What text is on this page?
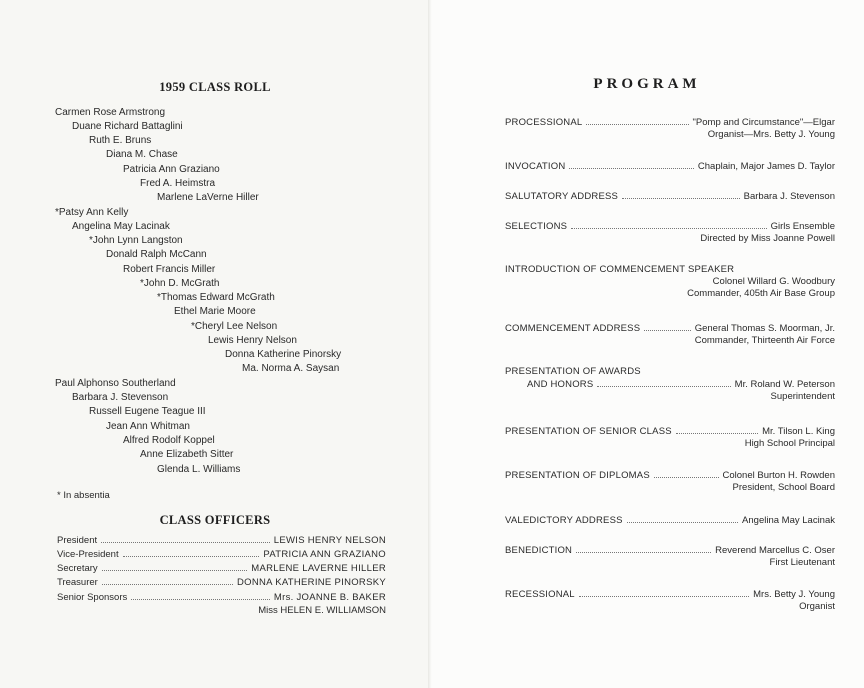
1959 CLASS ROLL
Carmen Rose Armstrong
Duane Richard Battaglini
Ruth E. Bruns
Diana M. Chase
Patricia Ann Graziano
Fred A. Heimstra
Marlene LaVerne Hiller
*Patsy Ann Kelly
Angelina May Lacinak
*John Lynn Langston
Donald Ralph McCann
Robert Francis Miller
*John D. McGrath
*Thomas Edward McGrath
Ethel Marie Moore
*Cheryl Lee Nelson
Lewis Henry Nelson
Donna Katherine Pinorsky
Ma. Norma A. Saysan
Paul Alphonso Southerland
Barbara J. Stevenson
Russell Eugene Teague III
Jean Ann Whitman
Alfred Rodolf Koppel
Anne Elizabeth Sitter
Glenda L. Williams
* In absentia
CLASS OFFICERS
President	LEWIS HENRY NELSON
Vice-President	PATRICIA ANN GRAZIANO
Secretary	MARLENE LAVERNE HILLER
Treasurer	DONNA KATHERINE PINORSKY
Senior Sponsors	Mrs. JOANNE B. BAKER
Miss HELEN E. WILLIAMSON
PROGRAM
PROCESSIONAL	"Pomp and Circumstance"—Elgar
Organist—Mrs. Betty J. Young
INVOCATION	Chaplain, Major James D. Taylor
SALUTATORY ADDRESS	Barbara J. Stevenson
SELECTIONS	Girls Ensemble
Directed by Miss Joanne Powell
INTRODUCTION OF COMMENCEMENT SPEAKER
Colonel Willard G. Woodbury
Commander, 405th Air Base Group
COMMENCEMENT ADDRESS	General Thomas S. Moorman, Jr.
Commander, Thirteenth Air Force
PRESENTATION OF AWARDS
AND HONORS	Mr. Roland W. Peterson
Superintendent
PRESENTATION OF SENIOR CLASS	Mr. Tilson L. King
High School Principal
PRESENTATION OF DIPLOMAS	Colonel Burton H. Rowden
President, School Board
VALEDICTORY ADDRESS	Angelina May Lacinak
BENEDICTION	Reverend Marcellus C. Oser
First Lieutenant
RECESSIONAL	Mrs. Betty J. Young
Organist
